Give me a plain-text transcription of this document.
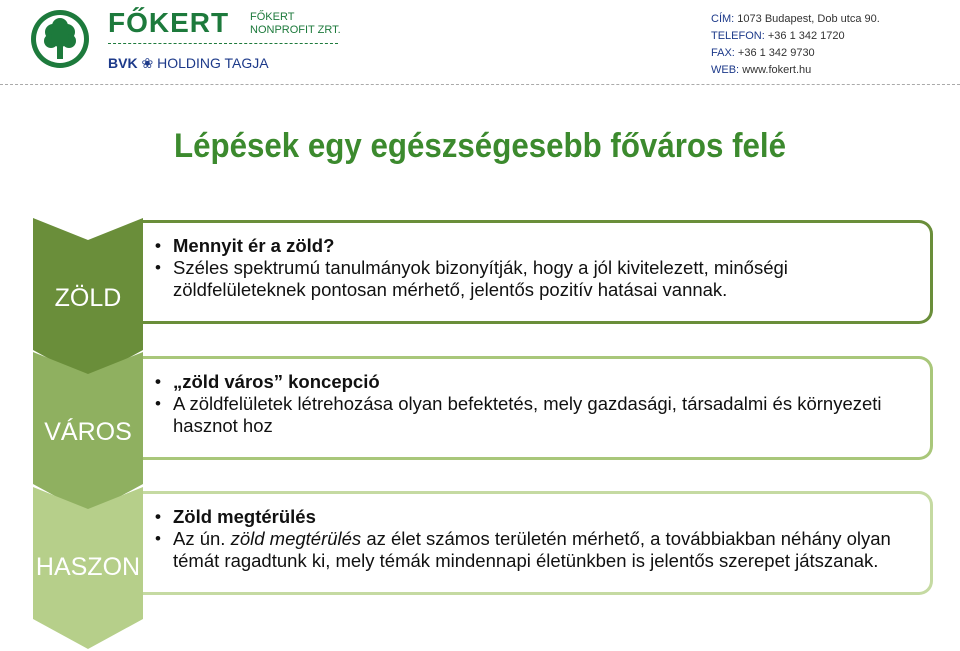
FŐKERT FŐKERT
NONPROFIT ZRT.
BVK ❀ HOLDING TAGJA
CÍM: 1073 Budapest, Dob utca 90.
TELEFON: +36 1 342 1720
FAX: +36 1 342 9730
WEB: www.fokert.hu
Lépések egy egészségesebb főváros felé
ZÖLD
• Mennyit ér a zöld?
• Széles spektrumú tanulmányok bizonyítják, hogy a jól kivitelezett, minőségi zöldfelületeknek pontosan mérhető, jelentős pozitív hatásai vannak.
VÁROS
• „zöld város” koncepció
• A zöldfelületek létrehozása olyan befektetés, mely gazdasági, társadalmi és környezeti hasznot hoz
HASZON
• Zöld megtérülés
• Az ún. zöld megtérülés az élet számos területén mérhető, a továbbiakban néhány olyan témát ragadtunk ki, mely témák mindennapi életünkben is jelentős szerepet játszanak.
